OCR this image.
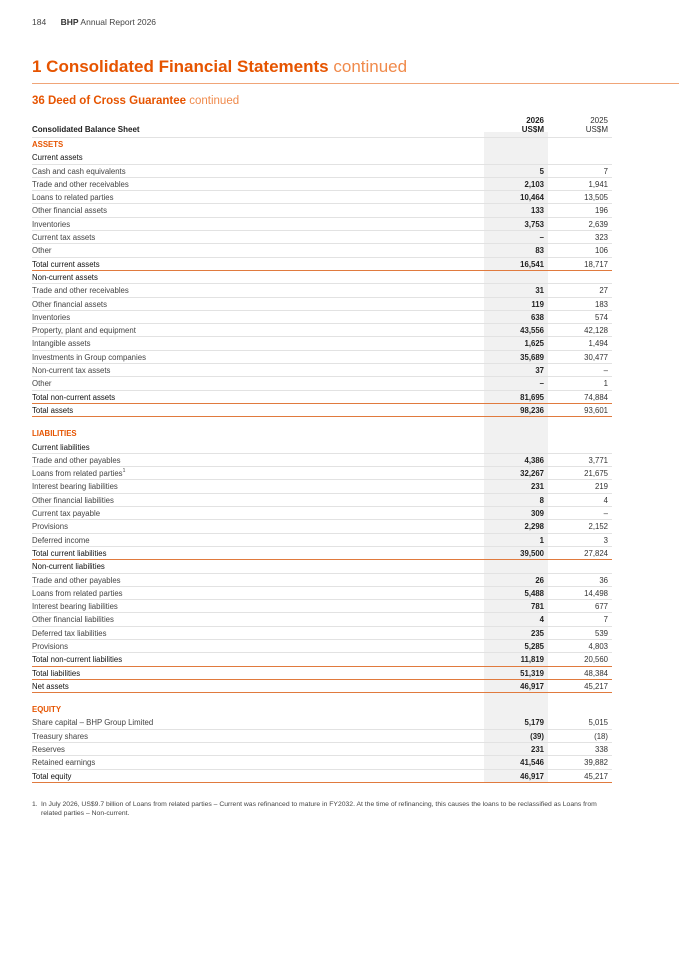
184 BHP Annual Report 2026
1 Consolidated Financial Statements continued
36 Deed of Cross Guarantee continued
Consolidated Balance Sheet
2026
US$M
2025
US$M
ASSETS
Current assets
Cash and cash equivalents	5	7
Trade and other receivables	2,103	1,941
Loans to related parties	10,464	13,505
Other financial assets	133	196
Inventories	3,753	2,639
Current tax assets	–	323
Other	83	106
Total current assets	16,541	18,717
Non-current assets
Trade and other receivables	31	27
Other financial assets	119	183
Inventories	638	574
Property, plant and equipment	43,556	42,128
Intangible assets	1,625	1,494
Investments in Group companies	35,689	30,477
Non-current tax assets	37	–
Other	–	1
Total non-current assets	81,695	74,884
Total assets	98,236	93,601
LIABILITIES
Current liabilities
Trade and other payables	4,386	3,771
Loans from related parties$^1$	32,267	21,675
Interest bearing liabilities	231	219
Other financial liabilities	8	4
Current tax payable	309	–
Provisions	2,298	2,152
Deferred income	1	3
Total current liabilities	39,500	27,824
Non-current liabilities
Trade and other payables	26	36
Loans from related parties	5,488	14,498
Interest bearing liabilities	781	677
Other financial liabilities	4	7
Deferred tax liabilities	235	539
Provisions	5,285	4,803
Total non-current liabilities	11,819	20,560
Total liabilities	51,319	48,384
Net assets	46,917	45,217
EQUITY
Share capital – BHP Group Limited	5,179	5,015
Treasury shares	(39)	(18)
Reserves	231	338
Retained earnings	41,546	39,882
Total equity	46,917	45,217
1. In July 2026, US$9.7 billion of Loans from related parties – Current was refinanced to mature in FY2032. At the time of refinancing, this causes the loans to be reclassified as Loans from related parties – Non-current.
